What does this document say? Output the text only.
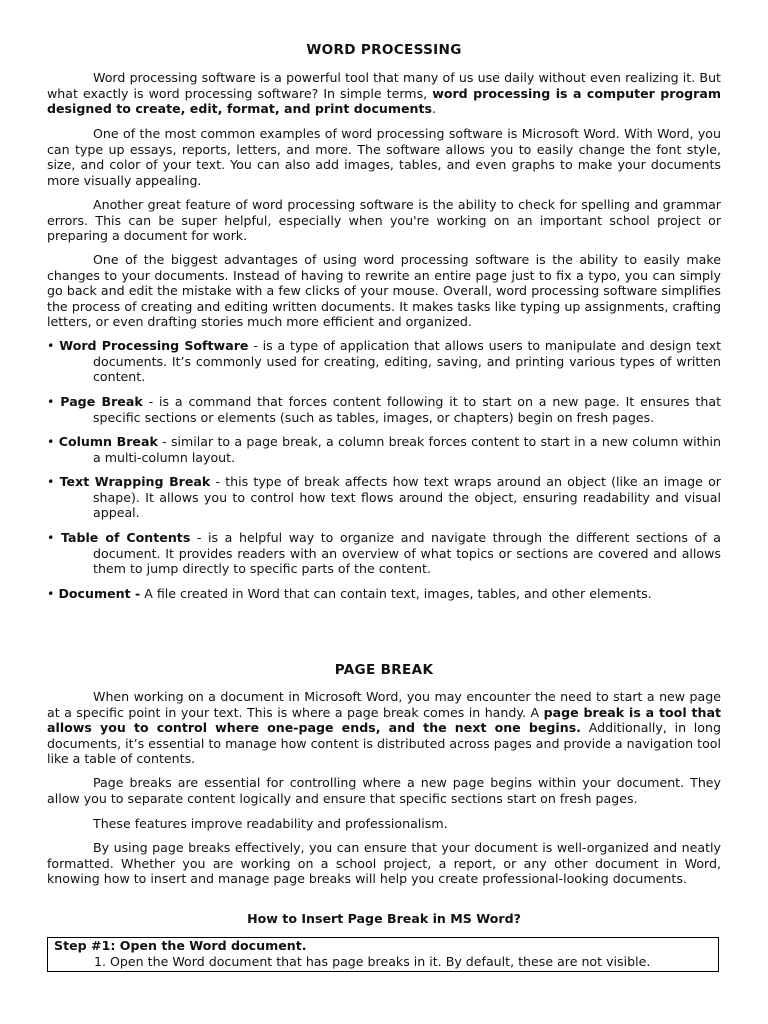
WORD PROCESSING

Word processing software is a powerful tool that many of us use daily without even realizing it. But what exactly is word processing software? In simple terms, word processing is a computer program designed to create, edit, format, and print documents.

One of the most common examples of word processing software is Microsoft Word. With Word, you can type up essays, reports, letters, and more. The software allows you to easily change the font style, size, and color of your text. You can also add images, tables, and even graphs to make your documents more visually appealing.

Another great feature of word processing software is the ability to check for spelling and grammar errors. This can be super helpful, especially when you're working on an important school project or preparing a document for work.

One of the biggest advantages of using word processing software is the ability to easily make changes to your documents. Instead of having to rewrite an entire page just to fix a typo, you can simply go back and edit the mistake with a few clicks of your mouse. Overall, word processing software simplifies the process of creating and editing written documents. It makes tasks like typing up assignments, crafting letters, or even drafting stories much more efficient and organized.

• Word Processing Software - is a type of application that allows users to manipulate and design text documents. It’s commonly used for creating, editing, saving, and printing various types of written content.

• Page Break - is a command that forces content following it to start on a new page. It ensures that specific sections or elements (such as tables, images, or chapters) begin on fresh pages.

• Column Break - similar to a page break, a column break forces content to start in a new column within a multi-column layout.

• Text Wrapping Break - this type of break affects how text wraps around an object (like an image or shape). It allows you to control how text flows around the object, ensuring readability and visual appeal.

• Table of Contents - is a helpful way to organize and navigate through the different sections of a document. It provides readers with an overview of what topics or sections are covered and allows them to jump directly to specific parts of the content.

• Document - A file created in Word that can contain text, images, tables, and other elements.

PAGE BREAK

When working on a document in Microsoft Word, you may encounter the need to start a new page at a specific point in your text. This is where a page break comes in handy. A page break is a tool that allows you to control where one-page ends, and the next one begins. Additionally, in long documents, it’s essential to manage how content is distributed across pages and provide a navigation tool like a table of contents.

Page breaks are essential for controlling where a new page begins within your document. They allow you to separate content logically and ensure that specific sections start on fresh pages.

These features improve readability and professionalism.

By using page breaks effectively, you can ensure that your document is well-organized and neatly formatted. Whether you are working on a school project, a report, or any other document in Word, knowing how to insert and manage page breaks will help you create professional-looking documents.

How to Insert Page Break in MS Word?

Step #1: Open the Word document.
1. Open the Word document that has page breaks in it. By default, these are not visible.
